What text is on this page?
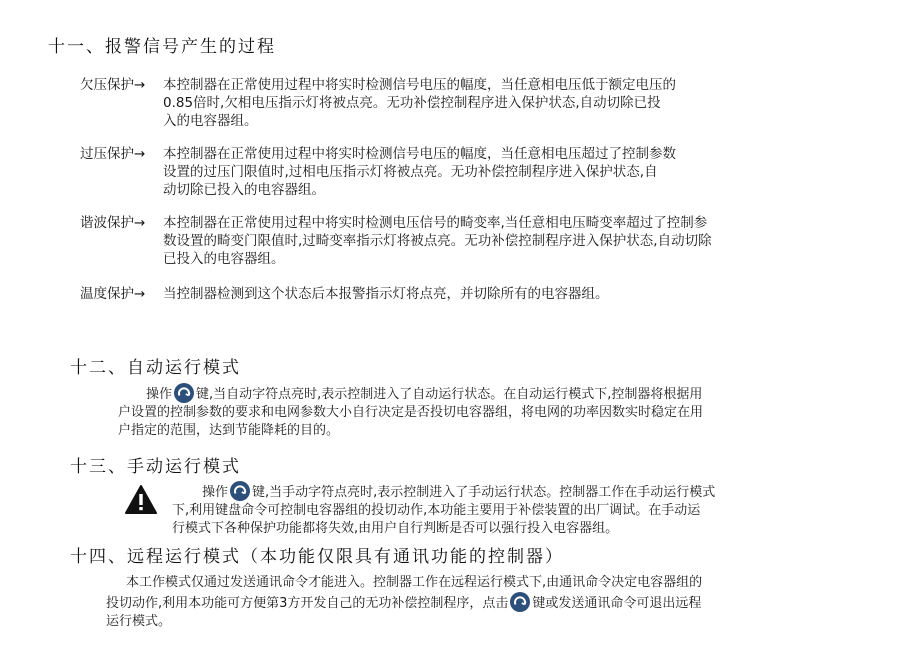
十一、报警信号产生的过程
欠压保护→ 本控制器在正常使用过程中将实时检测信号电压的幅度，当任意相电压低于额定电压的
0.85倍时,欠相电压指示灯将被点亮。无功补偿控制程序进入保护状态,自动切除已投
入的电容器组。
过压保护→ 本控制器在正常使用过程中将实时检测信号电压的幅度，当任意相电压超过了控制参数
设置的过压门限值时,过相电压指示灯将被点亮。无功补偿控制程序进入保护状态,自
动切除已投入的电容器组。
谐波保护→ 本控制器在正常使用过程中将实时检测电压信号的畸变率,当任意相电压畸变率超过了控制参
数设置的畸变门限值时,过畸变率指示灯将被点亮。无功补偿控制程序进入保护状态,自动切除
已投入的电容器组。
温度保护→ 当控制器检测到这个状态后本报警指示灯将点亮，并切除所有的电容器组。
十二、自动运行模式
操作 键,当自动字符点亮时,表示控制进入了自动运行状态。在自动运行模式下,控制器将根据用
户设置的控制参数的要求和电网参数大小自行决定是否投切电容器组，将电网的功率因数实时稳定在用
户指定的范围，达到节能降耗的目的。
十三、手动运行模式
操作 键,当手动字符点亮时,表示控制进入了手动运行状态。控制器工作在手动运行模式
下,利用键盘命令可控制电容器组的投切动作,本功能主要用于补偿装置的出厂调试。在手动运
行模式下各种保护功能都将失效,由用户自行判断是否可以强行投入电容器组。
十四、远程运行模式（本功能仅限具有通讯功能的控制器）
本工作模式仅通过发送通讯命令才能进入。控制器工作在远程运行模式下,由通讯命令决定电容器组的
投切动作,利用本功能可方便第3方开发自己的无功补偿控制程序，点击 键或发送通讯命令可退出远程
运行模式。
